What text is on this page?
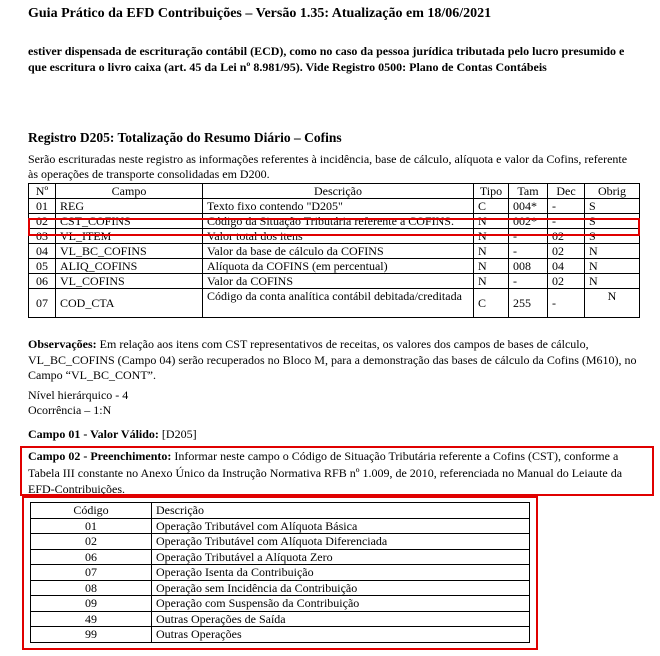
Guia Prático da EFD Contribuições – Versão 1.35: Atualização em 18/06/2021
estiver dispensada de escrituração contábil (ECD), como no caso da pessoa jurídica tributada pelo lucro presumido e que escritura o livro caixa (art. 45 da Lei nº 8.981/95). Vide Registro 0500: Plano de Contas Contábeis
Registro D205: Totalização do Resumo Diário – Cofins
Serão escrituradas neste registro as informações referentes à incidência, base de cálculo, alíquota e valor da Cofins, referente às operações de transporte consolidadas em D200.
Nº	Campo	Descrição	Tipo	Tam	Dec	Obrig
01	REG	Texto fixo contendo "D205"	C	004*	-	S
02	CST_COFINS	Código da Situação Tributária referente a COFINS.	N	002*	-	S
03	VL_ITEM	Valor total dos itens	N	-	02	S
04	VL_BC_COFINS	Valor da base de cálculo da COFINS	N	-	02	N
05	ALIQ_COFINS	Alíquota da COFINS (em percentual)	N	008	04	N
06	VL_COFINS	Valor da COFINS	N	-	02	N
07	COD_CTA	Código da conta analítica contábil debitada/creditada	C	255	-	N
Observações: Em relação aos itens com CST representativos de receitas, os valores dos campos de bases de cálculo, VL_BC_COFINS (Campo 04) serão recuperados no Bloco M, para a demonstração das bases de cálculo da Cofins (M610), no Campo “VL_BC_CONT”.
Nível hierárquico - 4
Ocorrência – 1:N
Campo 01 - Valor Válido: [D205]
Campo 02 - Preenchimento: Informar neste campo o Código de Situação Tributária referente a Cofins (CST), conforme a Tabela III constante no Anexo Único da Instrução Normativa RFB nº 1.009, de 2010, referenciada no Manual do Leiaute da EFD-Contribuições.
Código	Descrição
01	Operação Tributável com Alíquota Básica
02	Operação Tributável com Alíquota Diferenciada
06	Operação Tributável a Alíquota Zero
07	Operação Isenta da Contribuição
08	Operação sem Incidência da Contribuição
09	Operação com Suspensão da Contribuição
49	Outras Operações de Saída
99	Outras Operações
